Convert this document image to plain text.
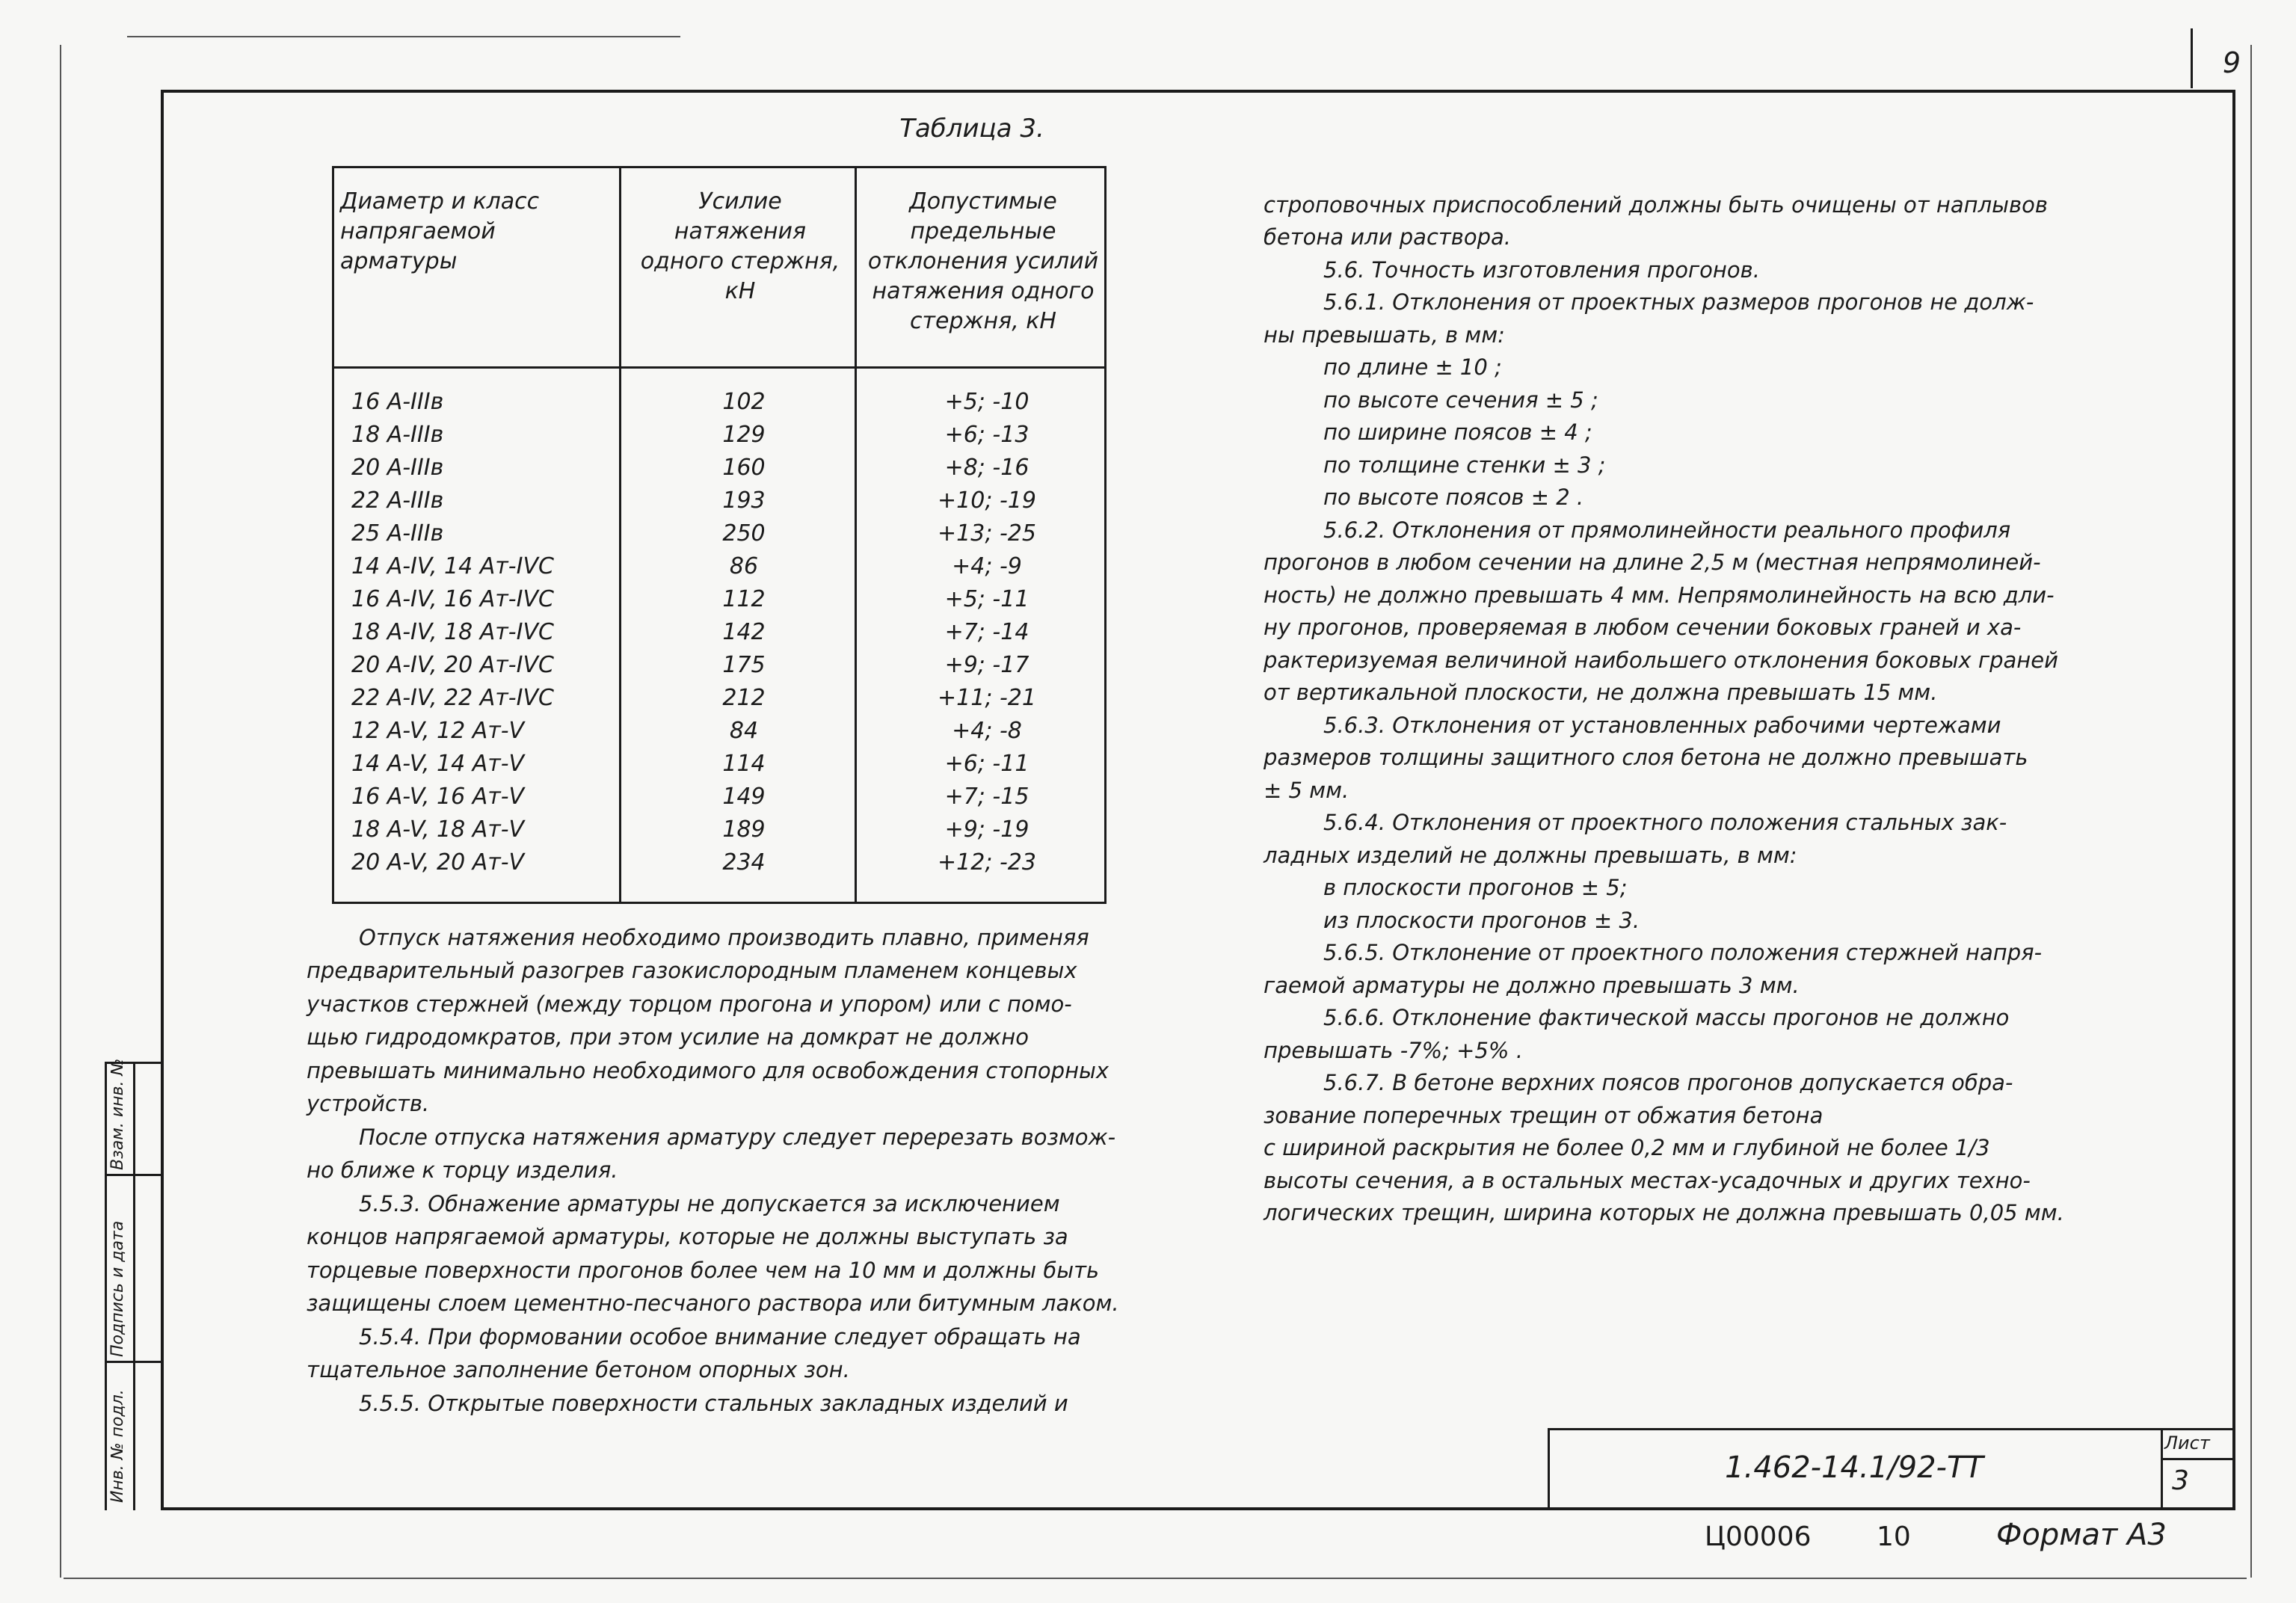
9
Взам. инв. №
Подпись и дата
Инв. № подл.
Таблица 3.
Диаметр и класс напрягаемой арматуры
Усилие натяжения одного стержня, кН
Допустимые предельные отклонения усилий натяжения одного стержня, кН
16 A-IIIв	102	+5; -10
18 A-IIIв	129	+6; -13
20 A-IIIв	160	+8; -16
22 A-IIIв	193	+10; -19
25 A-IIIв	250	+13; -25
14 A-IV, 14 Aт-IVС	86	+4; -9
16 A-IV, 16 Aт-IVС	112	+5; -11
18 A-IV, 18 Aт-IVС	142	+7; -14
20 A-IV, 20 Aт-IVС	175	+9; -17
22 A-IV, 22 Aт-IVС	212	+11; -21
12 A-V, 12 Aт-V	84	+4; -8
14 A-V, 14 Aт-V	114	+6; -11
16 A-V, 16 Aт-V	149	+7; -15
18 A-V, 18 Aт-V	189	+9; -19
20 A-V, 20 Aт-V	234	+12; -23
Отпуск натяжения необходимо производить плавно, применяя
предварительный разогрев газокислородным пламенем концевых
участков стержней (между торцом прогона и упором) или с помо-
щью гидродомкратов, при этом усилие на домкрат не должно
превышать минимально необходимого для освобождения стопорных
устройств.
После отпуска натяжения арматуру следует перерезать возмож-
но ближе к торцу изделия.
5.5.3. Обнажение арматуры не допускается за исключением
концов напрягаемой арматуры, которые не должны выступать за
торцевые поверхности прогонов более чем на 10 мм и должны быть
защищены слоем цементно-песчаного раствора или битумным лаком.
5.5.4. При формовании особое внимание следует обращать на
тщательное заполнение бетоном опорных зон.
5.5.5. Открытые поверхности стальных закладных изделий и
строповочных приспособлений должны быть очищены от наплывов
бетона или раствора.
5.6. Точность изготовления прогонов.
5.6.1. Отклонения от проектных размеров прогонов не долж-
ны превышать, в мм:
по длине ± 10 ;
по высоте сечения ± 5 ;
по ширине поясов ± 4 ;
по толщине стенки ± 3 ;
по высоте поясов ± 2 .
5.6.2. Отклонения от прямолинейности реального профиля
прогонов в любом сечении на длине 2,5 м (местная непрямолиней-
ность) не должно превышать 4 мм. Непрямолинейность на всю дли-
ну прогонов, проверяемая в любом сечении боковых граней и ха-
рактеризуемая величиной наибольшего отклонения боковых граней
от вертикальной плоскости, не должна превышать 15 мм.
5.6.3. Отклонения от установленных рабочими чертежами
размеров толщины защитного слоя бетона не должно превышать
± 5 мм.
5.6.4. Отклонения от проектного положения стальных зак-
ладных изделий не должны превышать, в мм:
в плоскости прогонов ± 5;
из плоскости прогонов ± 3.
5.6.5. Отклонение от проектного положения стержней напря-
гаемой арматуры не должно превышать 3 мм.
5.6.6. Отклонение фактической массы прогонов не должно
превышать -7%; +5% .
5.6.7. В бетоне верхних поясов прогонов допускается обра-
зование поперечных трещин от обжатия бетона
с шириной раскрытия не более 0,2 мм и глубиной не более 1/3
высоты сечения, а в остальных местах-усадочных и других техно-
логических трещин, ширина которых не должна превышать 0,05 мм.
1.462-14.1/92-ТТ
Лист
3
Ц00006 10	Формат А3
